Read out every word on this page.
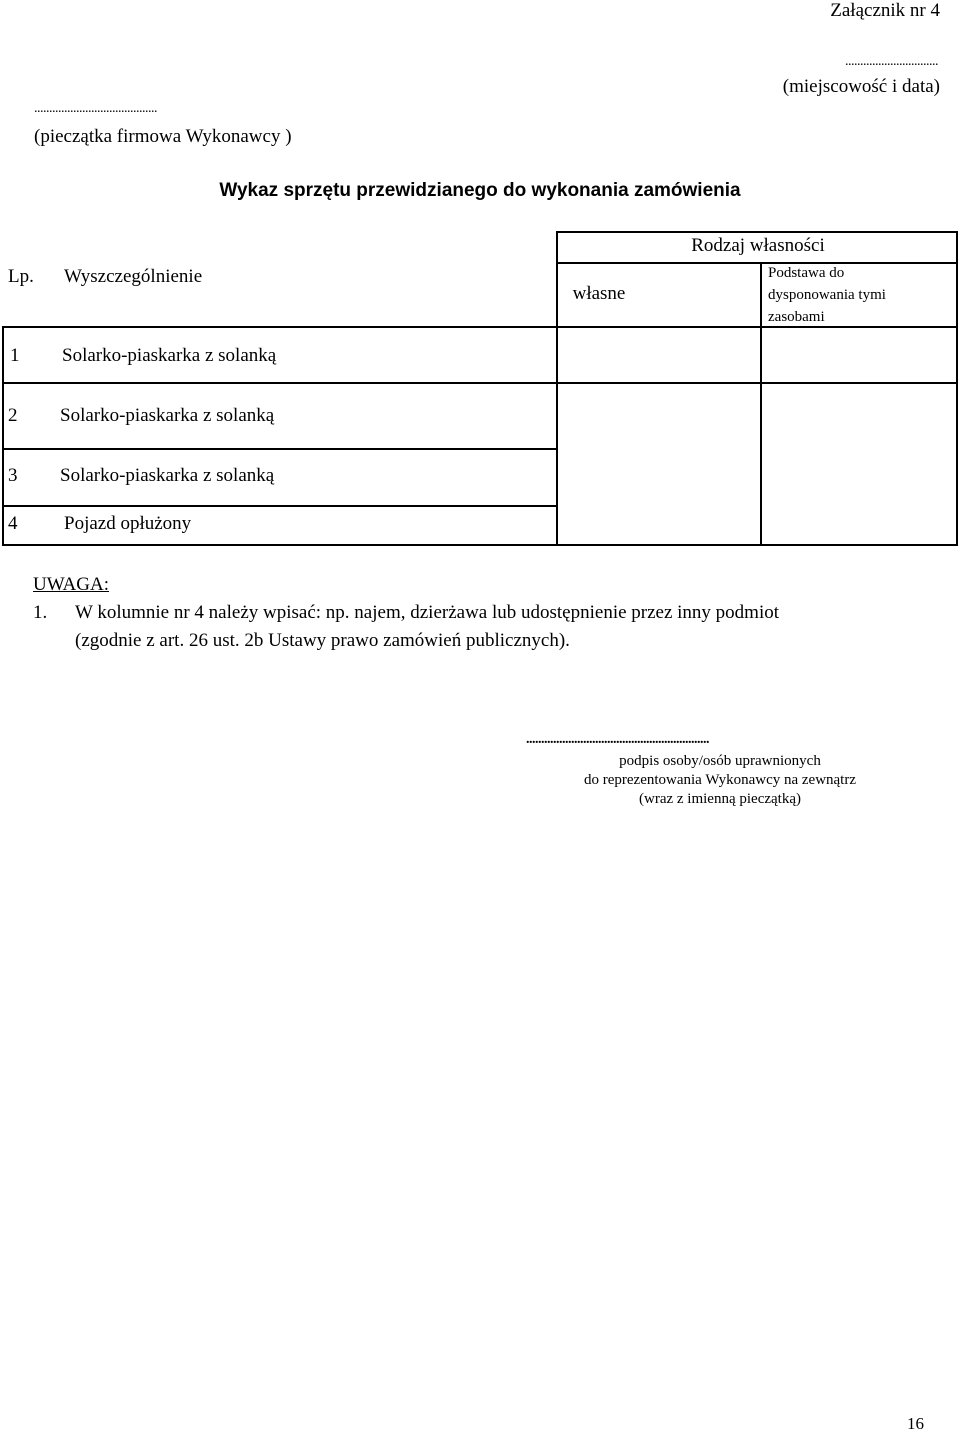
Załącznik nr 4
...............................
(miejscowość i data)
.........................................
(pieczątka firmowa Wykonawcy )
Wykaz sprzętu przewidzianego do wykonania zamówienia
Lp. Wyszczególnienie
Rodzaj własności
własne
Podstawa do dysponowania tymi zasobami
1 Solarko-piaskarka z solanką
2 Solarko-piaskarka z solanką
3 Solarko-piaskarka z solanką
4 Pojazd opłużony
UWAGA:
1. W kolumnie nr 4 należy wpisać: np. najem, dzierżawa lub udostępnienie przez inny podmiot
(zgodnie z art. 26 ust. 2b Ustawy prawo zamówień publicznych).
.............................................................
podpis osoby/osób uprawnionych
do reprezentowania Wykonawcy na zewnątrz
(wraz z imienną pieczątką)
16
